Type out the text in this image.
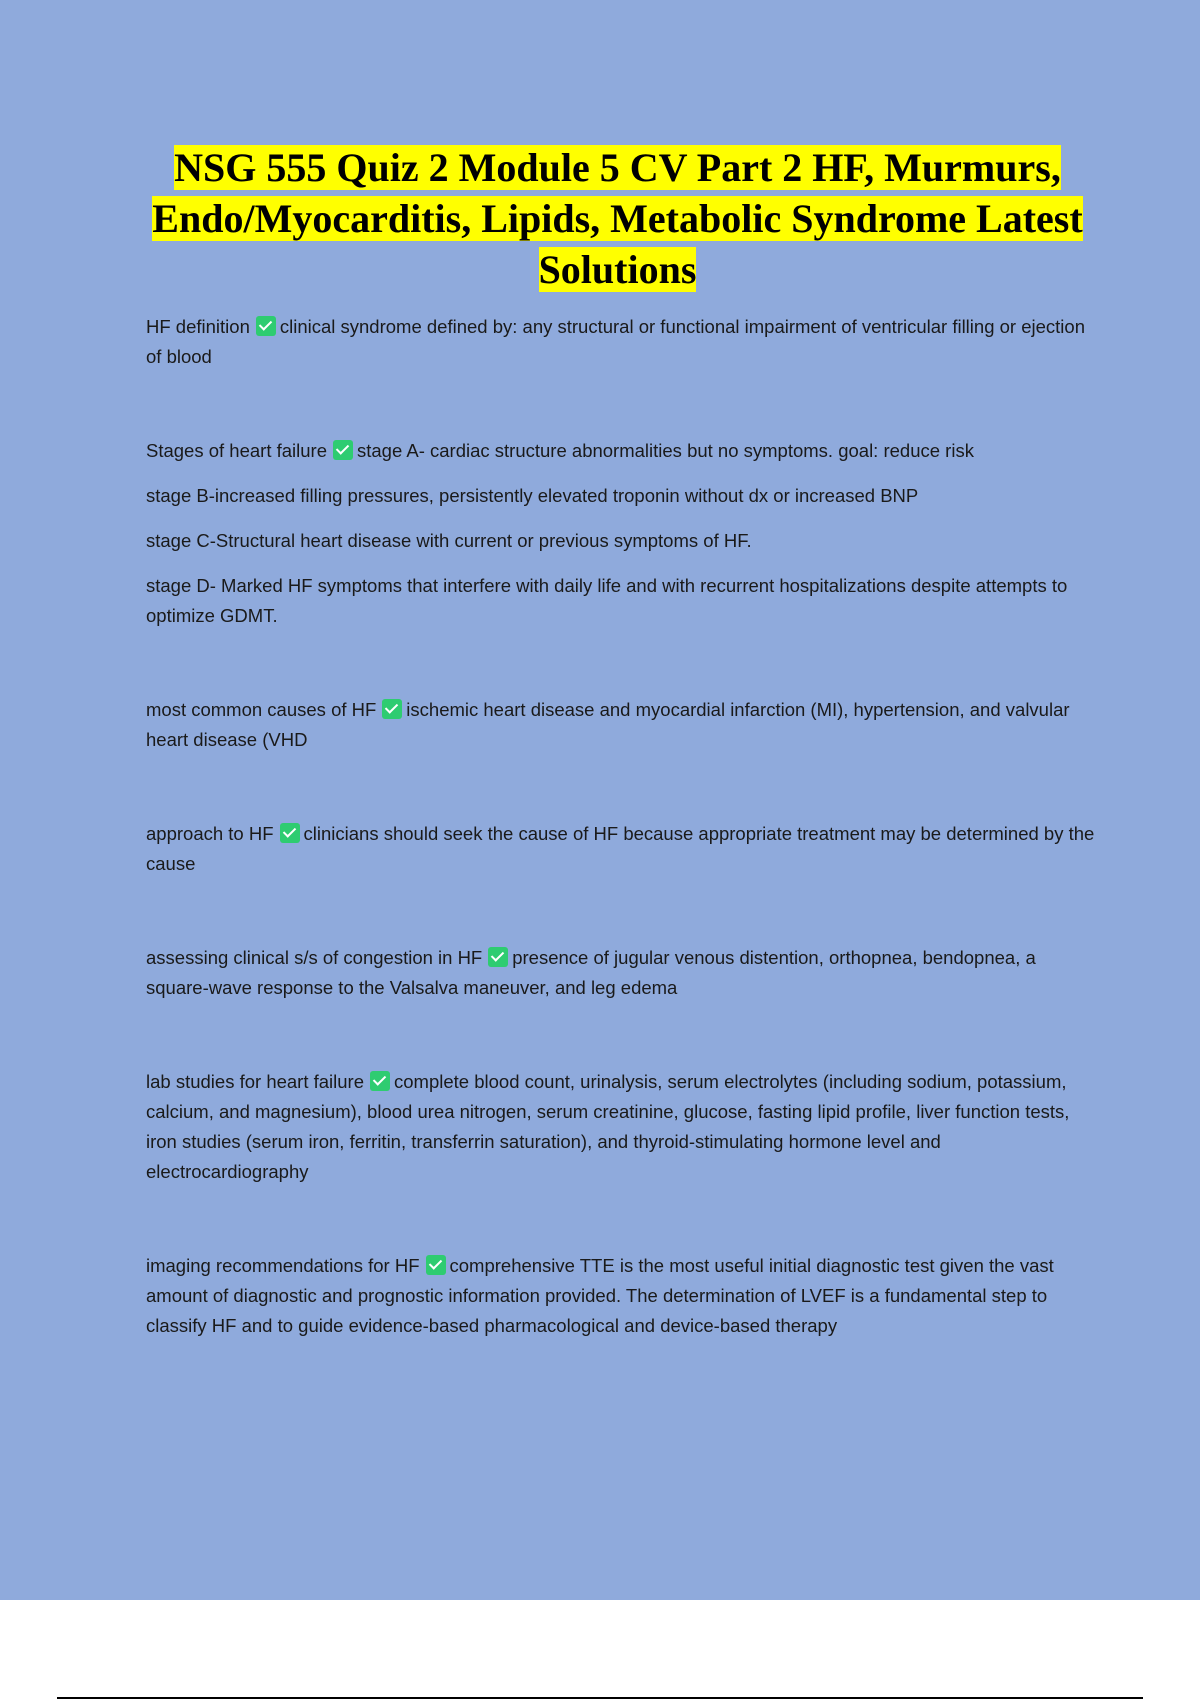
NSG 555 Quiz 2 Module 5 CV Part 2 HF, Murmurs,
Endo/Myocarditis, Lipids, Metabolic Syndrome Latest
Solutions

HF definition clinical syndrome defined by: any structural or functional impairment of ventricular filling or ejection of blood

Stages of heart failure stage A- cardiac structure abnormalities but no symptoms. goal: reduce risk

stage B-increased filling pressures, persistently elevated troponin without dx or increased BNP

stage C-Structural heart disease with current or previous symptoms of HF.

stage D- Marked HF symptoms that interfere with daily life and with recurrent hospitalizations despite attempts to optimize GDMT.

most common causes of HF ischemic heart disease and myocardial infarction (MI), hypertension, and valvular heart disease (VHD

approach to HF clinicians should seek the cause of HF because appropriate treatment may be determined by the cause

assessing clinical s/s of congestion in HF presence of jugular venous distention, orthopnea, bendopnea, a square-wave response to the Valsalva maneuver, and leg edema

lab studies for heart failure complete blood count, urinalysis, serum electrolytes (including sodium, potassium, calcium, and magnesium), blood urea nitrogen, serum creatinine, glucose, fasting lipid profile, liver function tests, iron studies (serum iron, ferritin, transferrin saturation), and thyroid-stimulating hormone level and electrocardiography

imaging recommendations for HF comprehensive TTE is the most useful initial diagnostic test given the vast amount of diagnostic and prognostic information provided. The determination of LVEF is a fundamental step to classify HF and to guide evidence-based pharmacological and device-based therapy
